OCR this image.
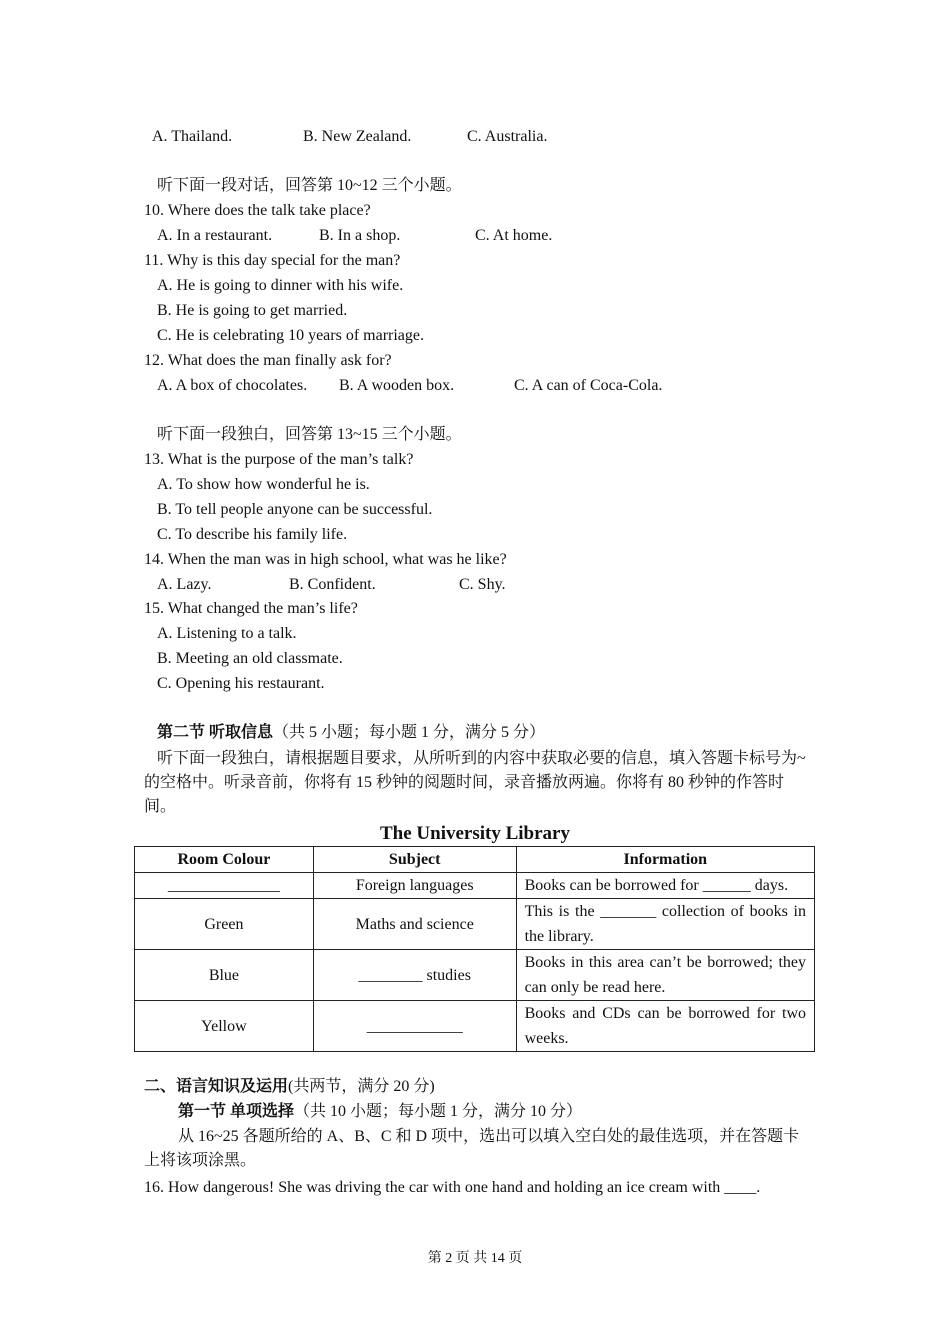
A. Thailand.	B. New Zealand.	C. Australia.
听下面一段对话，回答第 10~12 三个小题。
10. Where does the talk take place?
A. In a restaurant.	B. In a shop.	C. At home.
11. Why is this day special for the man?
A. He is going to dinner with his wife.
B. He is going to get married.
C. He is celebrating 10 years of marriage.
12. What does the man finally ask for?
A. A box of chocolates. B. A wooden box.	C. A can of Coca-Cola.
听下面一段独白，回答第 13~15 三个小题。
13. What is the purpose of the man’s talk?
A. To show how wonderful he is.
B. To tell people anyone can be successful.
C. To describe his family life.
14. When the man was in high school, what was he like?
A. Lazy.	B. Confident.	C. Shy.
15. What changed the man’s life?
A. Listening to a talk.
B. Meeting an old classmate.
C. Opening his restaurant.
第二节 听取信息（共 5 小题；每小题 1 分，满分 5 分）
听下面一段独白，请根据题目要求，从所听到的内容中获取必要的信息，填入答题卡标号为~的空格中。听录音前，你将有 15 秒钟的阅题时间，录音播放两遍。你将有 80 秒钟的作答时间。
The University Library
Room Colour	Subject	Information
______________	Foreign languages	Books can be borrowed for ______ days.
Green	Maths and science	This is the _______ collection of books in the library.
Blue	________ studies	Books in this area can’t be borrowed; they can only be read here.
Yellow	____________	Books and CDs can be borrowed for two weeks.
二、语言知识及运用(共两节，满分 20 分)
第一节 单项选择（共 10 小题；每小题 1 分，满分 10 分）
从 16~25 各题所给的 A、B、C 和 D 项中，选出可以填入空白处的最佳选项，并在答题卡上将该项涂黑。
16. How dangerous! She was driving the car with one hand and holding an ice cream with ____.
第 2 页 共 14 页
